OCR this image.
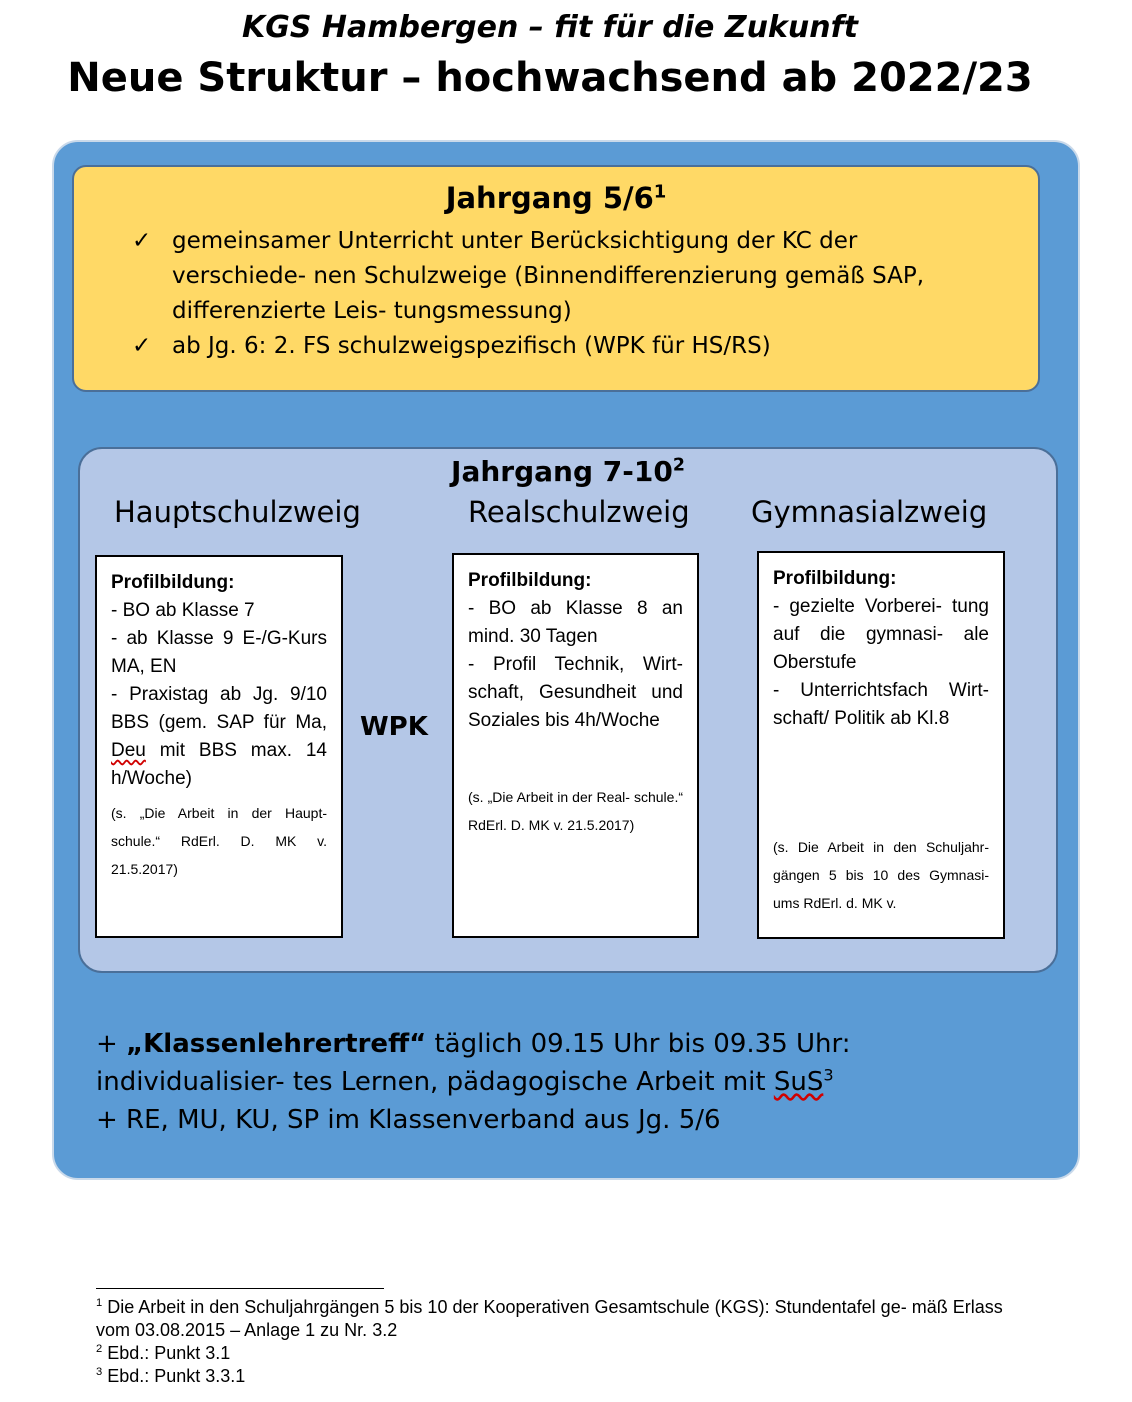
KGS Hambergen – fit für die Zukunft
Neue Struktur – hochwachsend ab 2022/23
Jahrgang $5/6^1$
✓ gemeinsamer Unterricht unter Berücksichtigung der KC der verschiede- nen Schulzweige (Binnendifferenzierung gemäß SAP, differenzierte Leis- tungsmessung)
✓ ab Jg. 6: 2. FS schulzweigspezifisch (WPK für HS/RS)
Jahrgang $7-10^2$
Hauptschulzweig	Realschulzweig Gymnasialzweig
Profilbildung:
- BO ab Klasse 7
- ab Klasse 9 E-/G-Kurs MA, EN
- Praxistag ab Jg. 9/10 BBS (gem. SAP für Ma, Deu mit BBS max. 14 h/Woche)
(s. „Die Arbeit in der Haupt- schule.“ RdErl. D. MK v. 21.5.2017)
WPK
Profilbildung:
- BO ab Klasse 8 an mind. 30 Tagen
- Profil Technik, Wirt- schaft, Gesundheit und Soziales bis 4h/Woche
(s. „Die Arbeit in der Real- schule.“ RdErl. D. MK v. 21.5.2017)
Profilbildung:
- gezielte Vorberei- tung auf die gymnasi- ale Oberstufe
- Unterrichtsfach Wirt- schaft/ Politik ab Kl.8
(s. Die Arbeit in den Schuljahr- gängen 5 bis 10 des Gymnasi- ums RdErl. d. MK v.

+ „Klassenlehrertreff“ täglich 09.15 Uhr bis 09.35 Uhr: individualisier- tes Lernen, pädagogische Arbeit mit SuS$^3$

+ RE, MU, KU, SP im Klassenverband aus Jg. 5/6

$^1$ Die Arbeit in den Schuljahrgängen 5 bis 10 der Kooperativen Gesamtschule (KGS): Stundentafel ge- mäß Erlass vom 03.08.2015 – Anlage 1 zu Nr. 3.2

$^2$ Ebd.: Punkt 3.1

$^3$ Ebd.: Punkt 3.3.1
